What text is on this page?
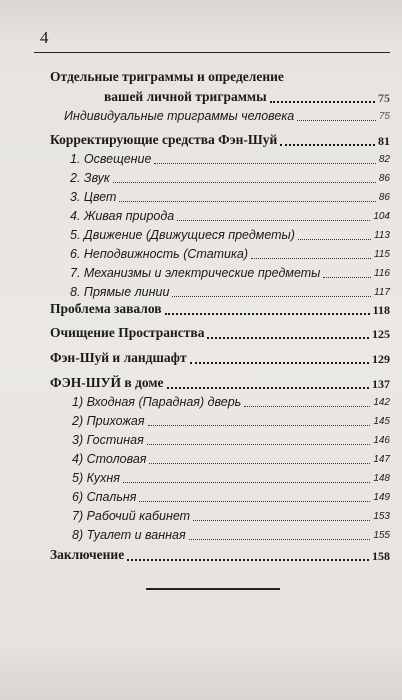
4
Отдельные триграммы и определение
вашей личной триграммы	75
Индивидуальные триграммы человека	75
Корректирующие средства Фэн-Шуй	81
1. Освещение	82
2. Звук	86
3. Цвет	86
4. Живая природа	104
5. Движение (Движущиеся предметы)	113
6. Неподвижность (Статика)	115
7. Механизмы и электрические предметы	116
8. Прямые линии	117
Проблема завалов	118
Очищение Пространства	125
Фэн-Шуй и ландшафт	129
ФЭН-ШУЙ в доме	137
1) Входная (Парадная) дверь	142
2) Прихожая	145
3) Гостиная	146
4) Столовая	147
5) Кухня	148
6) Спальня	149
7) Рабочий кабинет	153
8) Туалет и ванная	155
Заключение	158
